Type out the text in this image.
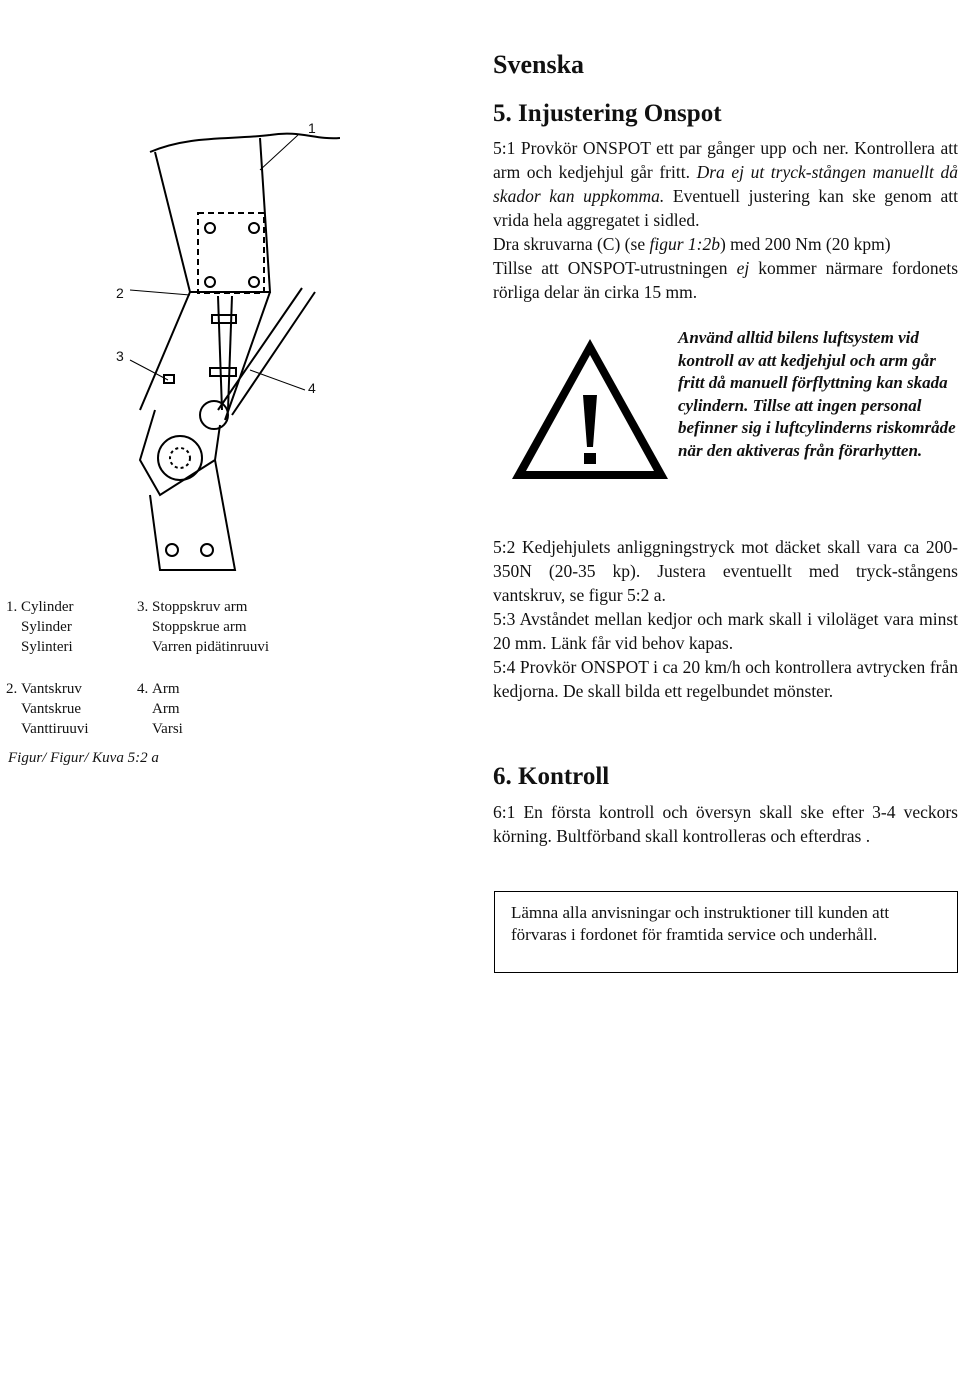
1
2
3
4
1. Cylinder
Sylinder
Sylinteri
2. Vantskruv
Vantskrue
Vanttiruuvi
3. Stoppskruv arm
Stoppskrue arm
Varren pidätinruuvi
4. Arm
Arm
Varsi
Figur/ Figur/ Kuva 5:2 a
Svenska
5. Injustering Onspot

5:1 Provkör ONSPOT ett par gånger upp och ner. Kontrollera att arm och kedjehjul går fritt. Dra ej ut tryck-stången manuellt då skador kan uppkomma. Eventuell justering kan ske genom att vrida hela aggregatet i sidled.

Dra skruvarna (C) (se figur 1:2b) med 200 Nm (20 kpm)

Tillse att ONSPOT-utrustningen ej kommer närmare fordonets rörliga delar än cirka 15 mm.

Använd alltid bilens luftsystem vid kontroll av att kedjehjul och arm går fritt då manuell förflyttning kan skada cylindern. Tillse att ingen personal befinner sig i luftcylinderns riskområde när den aktiveras från förarhytten.

5:2 Kedjehjulets anliggningstryck mot däcket skall vara ca 200-350N (20-35 kp). Justera eventuellt med tryck-stångens vantskruv, se figur 5:2 a.

5:3 Avståndet mellan kedjor och mark skall i viloläget vara minst 20 mm. Länk får vid behov kapas.

5:4 Provkör ONSPOT i ca 20 km/h och kontrollera avtrycken från kedjorna. De skall bilda ett regelbundet mönster.

6. Kontroll

6:1 En första kontroll och översyn skall ske efter 3-4 veckors körning. Bultförband skall kontrolleras och efterdras .

Lämna alla anvisningar och instruktioner till kunden att förvaras i fordonet för framtida service och underhåll.
